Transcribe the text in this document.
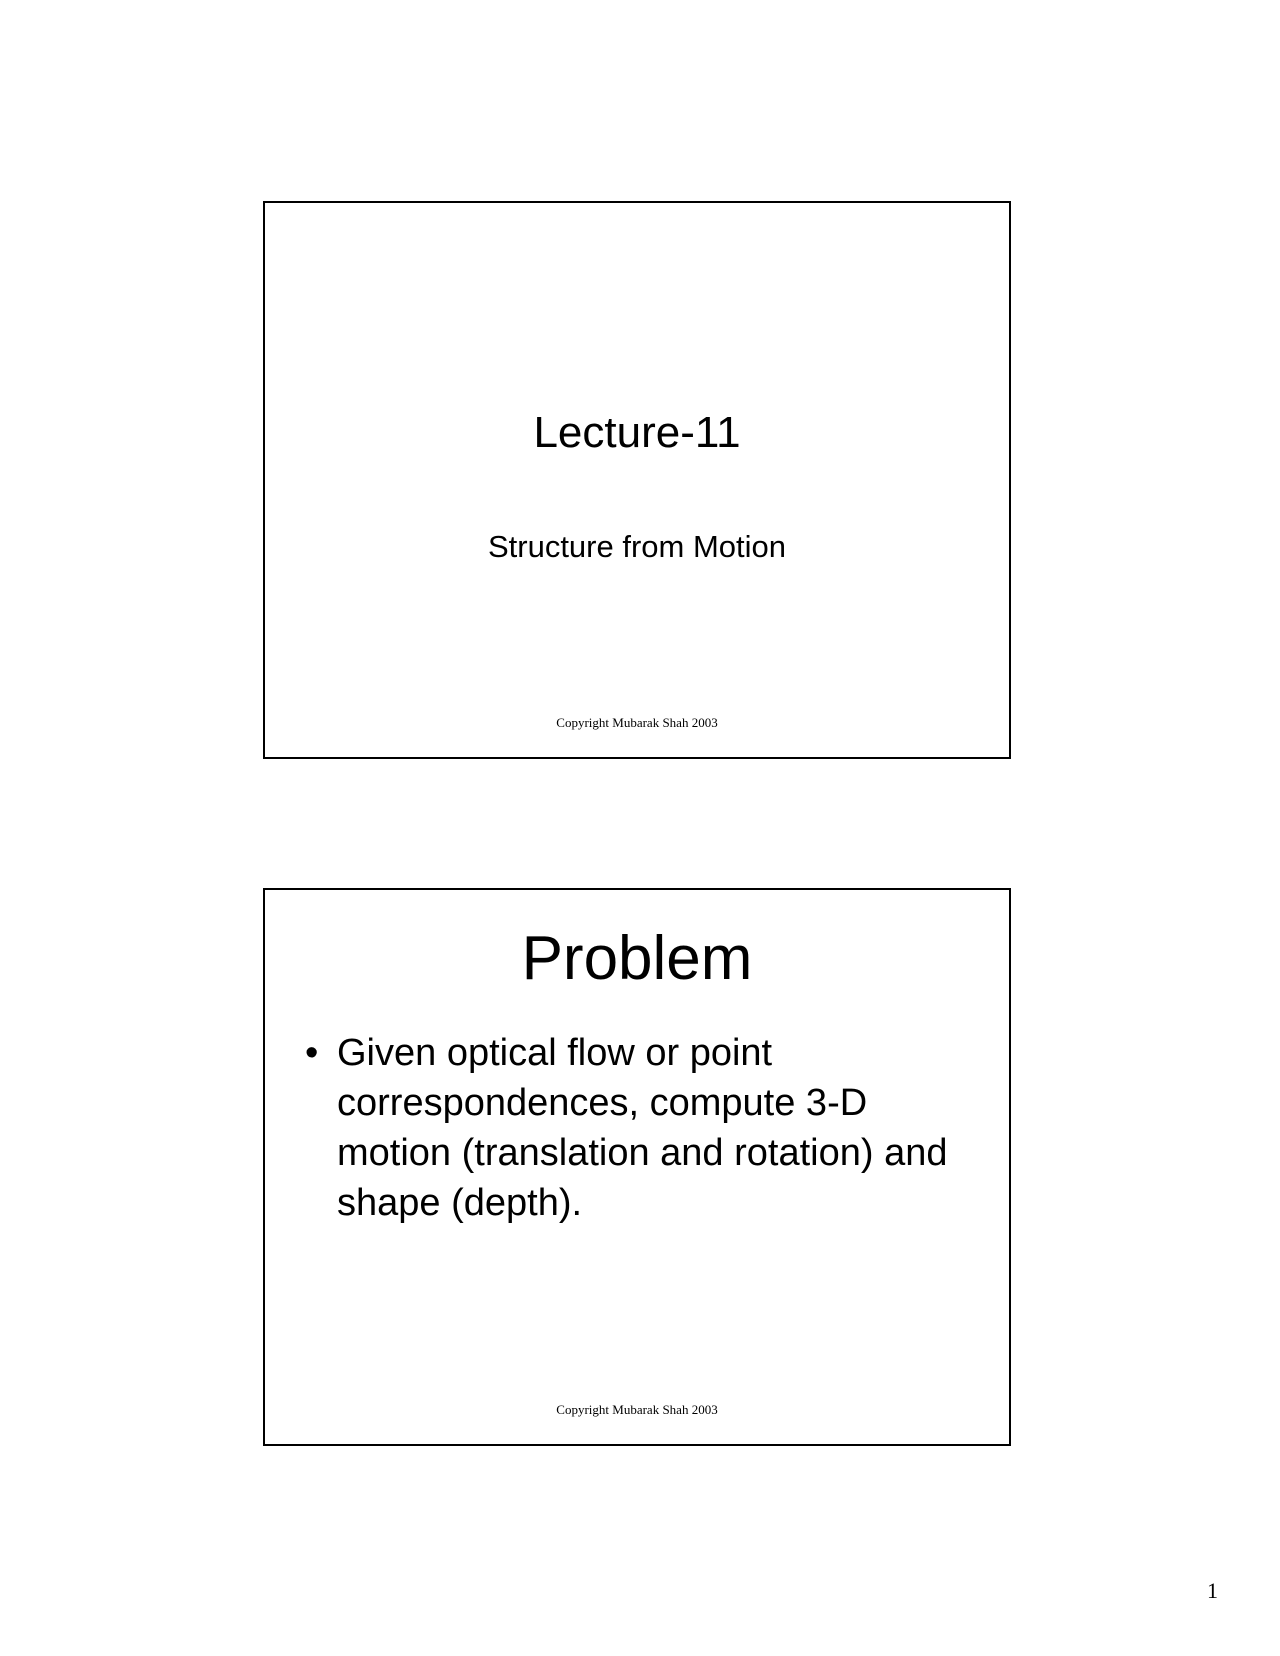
Lecture-11
Structure from Motion
Copyright Mubarak Shah 2003
Problem
• Given optical flow or point correspondences, compute 3-D motion (translation and rotation) and shape (depth).
Copyright Mubarak Shah 2003
1
